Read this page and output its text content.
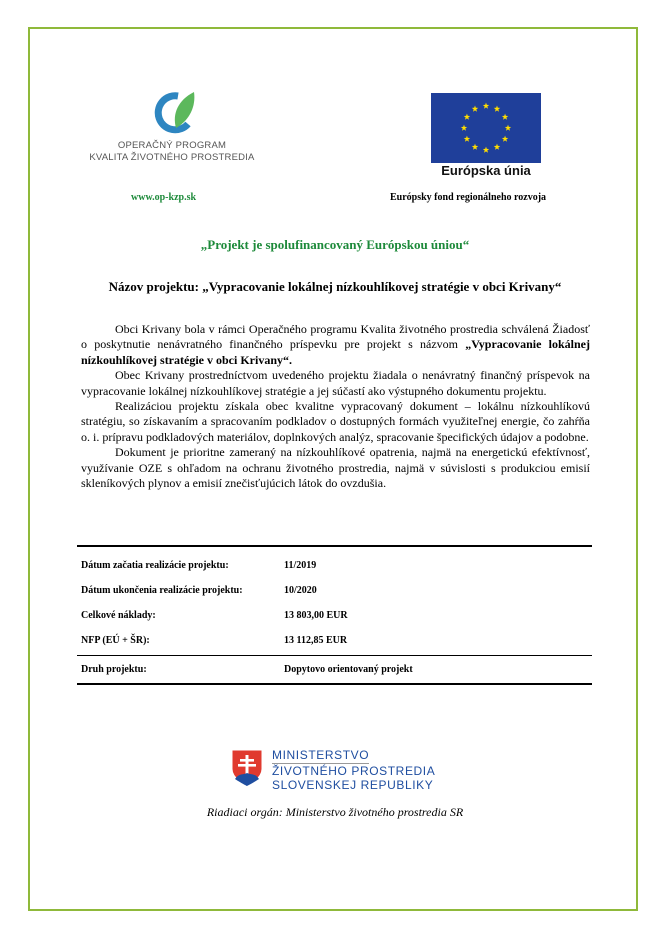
OPERAČNÝ PROGRAM
KVALITA ŽIVOTNÉHO PROSTREDIA
www.op-kzp.sk
Európska únia
Európsky fond regionálneho rozvoja
„Projekt je spolufinancovaný Európskou úniou“
Názov projektu: „Vypracovanie lokálnej nízkouhlíkovej stratégie v obci Krivany“

Obci Krivany bola v rámci Operačného programu Kvalita životného prostredia schválená Žiadosť o poskytnutie nenávratného finančného príspevku pre projekt s názvom „Vypracovanie lokálnej nízkouhlíkovej stratégie v obci Krivany“.

Obec Krivany prostredníctvom uvedeného projektu žiadala o nenávratný finančný príspevok na vypracovanie lokálnej nízkouhlíkovej stratégie a jej súčastí ako výstupného dokumentu projektu.

Realizáciou projektu získala obec kvalitne vypracovaný dokument – lokálnu nízkouhlíkovú stratégiu, so získavaním a spracovaním podkladov o dostupných formách využiteľnej energie, čo zahŕňa o. i. prípravu podkladových materiálov, doplnkových analýz, spracovanie špecifických údajov a podobne.

Dokument je prioritne zameraný na nízkouhlíkové opatrenia, najmä na energetickú efektívnosť, využívanie OZE s ohľadom na ochranu životného prostredia, najmä v súvislosti s produkciou emisií skleníkových plynov a emisií znečisťujúcich látok do ovzdušia.

Dátum začatia realizácie projektu:	11/2019
Dátum ukončenia realizácie projektu:	10/2020
Celkové náklady:	13 803,00 EUR
NFP (EÚ + ŠR):	13 112,85 EUR
Druh projektu:	Dopytovo orientovaný projekt
MINISTERSTVO
ŽIVOTNÉHO PROSTREDIA
SLOVENSKEJ REPUBLIKY
Riadiaci orgán: Ministerstvo životného prostredia SR
